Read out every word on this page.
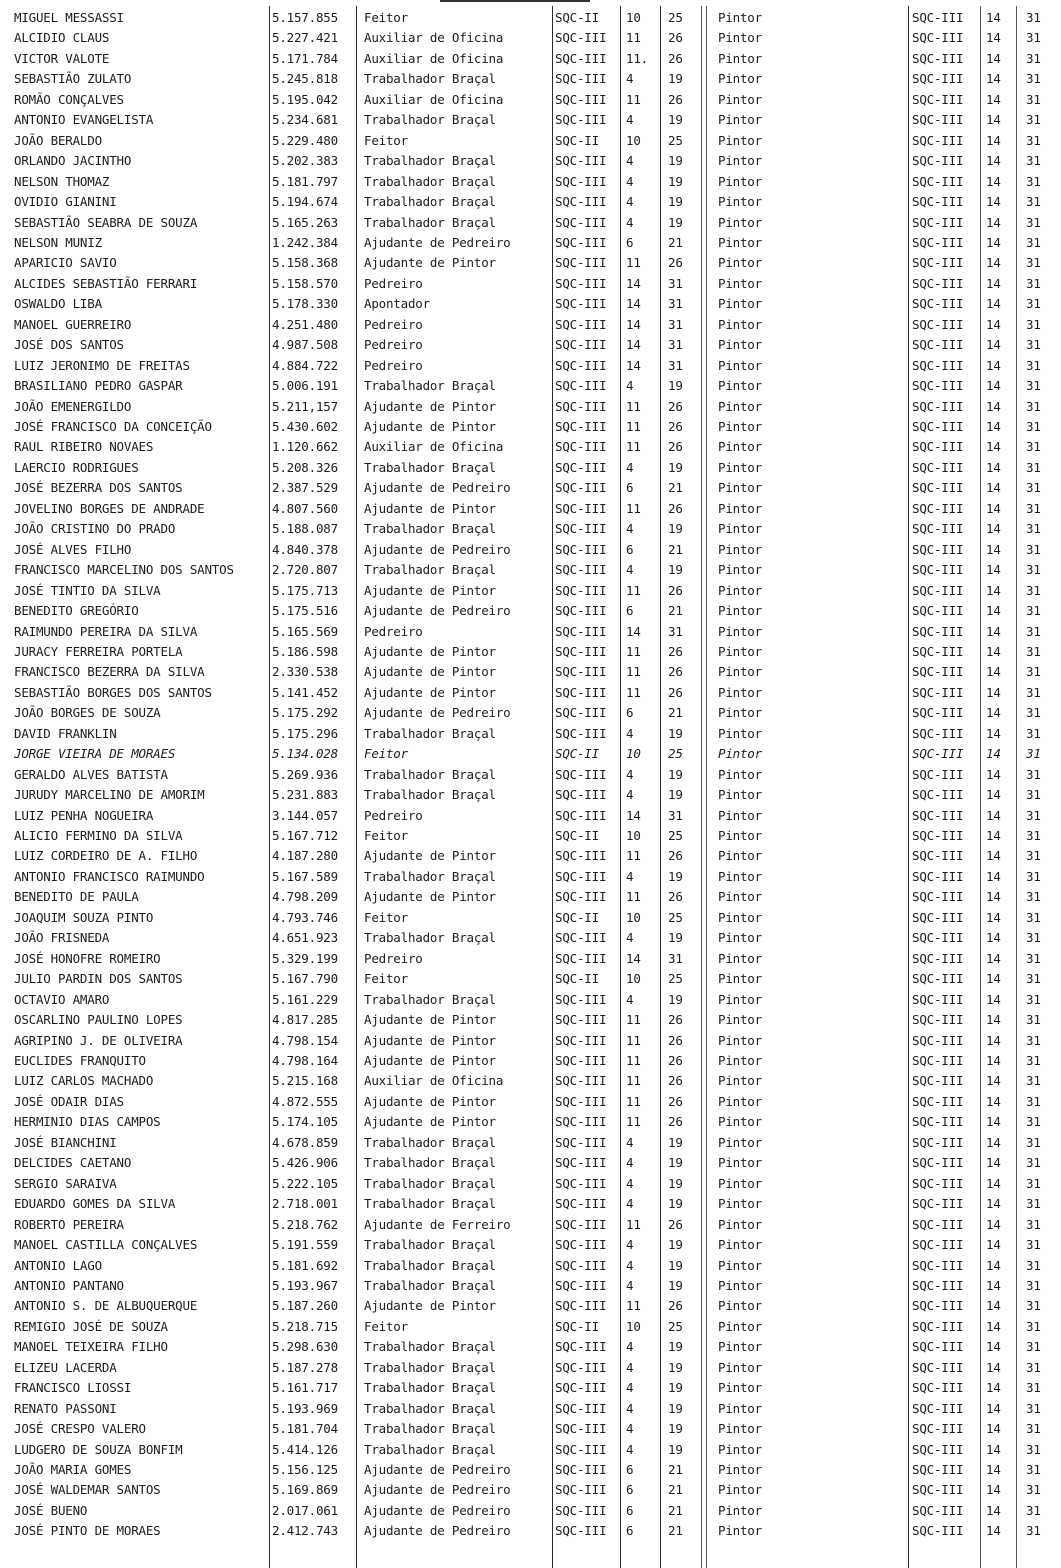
MIGUEL MESSASSI	5.157.855	Feitor	SQC-II	10	25	Pintor	SQC-III	14	31
ALCIDIO CLAUS	5.227.421	Auxiliar de Oficina	SQC-III	11	26	Pintor	SQC-III	14	31
VICTOR VALOTE	5.171.784	Auxiliar de Oficina	SQC-III	11.	26	Pintor	SQC-III	14	31
SEBASTIÃO ZULATO	5.245.818	Trabalhador Braçal	SQC-III	4	19	Pintor	SQC-III	14	31
ROMÃO CONÇALVES	5.195.042	Auxiliar de Oficina	SQC-III	11	26	Pintor	SQC-III	14	31
ANTONIO EVANGELISTA	5.234.681	Trabalhador Braçal	SQC-III	4	19	Pintor	SQC-III	14	31
JOÃO BERALDO	5.229.480	Feitor	SQC-II	10	25	Pintor	SQC-III	14	31
ORLANDO JACINTHO	5.202.383	Trabalhador Braçal	SQC-III	4	19	Pintor	SQC-III	14	31
NELSON THOMAZ	5.181.797	Trabalhador Braçal	SQC-III	4	19	Pintor	SQC-III	14	31
OVIDIO GIANINI	5.194.674	Trabalhador Braçal	SQC-III	4	19	Pintor	SQC-III	14	31
SEBASTIÃO SEABRA DE SOUZA	5.165.263	Trabalhador Braçal	SQC-III	4	19	Pintor	SQC-III	14	31
NELSON MUNIZ	1.242.384	Ajudante de Pedreiro	SQC-III	6	21	Pintor	SQC-III	14	31
APARICIO SAVIO	5.158.368	Ajudante de Pintor	SQC-III	11	26	Pintor	SQC-III	14	31
ALCIDES SEBASTIÃO FERRARI	5.158.570	Pedreiro	SQC-III	14	31	Pintor	SQC-III	14	31
OSWALDO LIBA	5.178.330	Apontador	SQC-III	14	31	Pintor	SQC-III	14	31
MANOEL GUERREIRO	4.251.480	Pedreiro	SQC-III	14	31	Pintor	SQC-III	14	31
JOSÉ DOS SANTOS	4.987.508	Pedreiro	SQC-III	14	31	Pintor	SQC-III	14	31
LUIZ JERONIMO DE FREITAS	4.884.722	Pedreiro	SQC-III	14	31	Pintor	SQC-III	14	31
BRASILIANO PEDRO GASPAR	5.006.191	Trabalhador Braçal	SQC-III	4	19	Pintor	SQC-III	14	31
JOÃO EMENERGILDO	5.211,157	Ajudante de Pintor	SQC-III	11	26	Pintor	SQC-III	14	31
JOSÉ FRANCISCO DA CONCEIÇÃO	5.430.602	Ajudante de Pintor	SQC-III	11	26	Pintor	SQC-III	14	31
RAUL RIBEIRO NOVAES	1.120.662	Auxiliar de Oficina	SQC-III	11	26	Pintor	SQC-III	14	31
LAERCIO RODRIGUES	5.208.326	Trabalhador Braçal	SQC-III	4	19	Pintor	SQC-III	14	31
JOSÉ BEZERRA DOS SANTOS	2.387.529	Ajudante de Pedreiro	SQC-III	6	21	Pintor	SQC-III	14	31
JOVELINO BORGES DE ANDRADE	4.807.560	Ajudante de Pintor	SQC-III	11	26	Pintor	SQC-III	14	31
JOÃO CRISTINO DO PRADO	5.188.087	Trabalhador Braçal	SQC-III	4	19	Pintor	SQC-III	14	31
JOSÉ ALVES FILHO	4.840.378	Ajudante de Pedreiro	SQC-III	6	21	Pintor	SQC-III	14	31
FRANCISCO MARCELINO DOS SANTOS	2.720.807	Trabalhador Braçal	SQC-III	4	19	Pintor	SQC-III	14	31
JOSÉ TINTIO DA SILVA	5.175.713	Ajudante de Pintor	SQC-III	11	26	Pintor	SQC-III	14	31
BENEDITO GREGÓRIO	5.175.516	Ajudante de Pedreiro	SQC-III	6	21	Pintor	SQC-III	14	31
RAIMUNDO PEREIRA DA SILVA	5.165.569	Pedreiro	SQC-III	14	31	Pintor	SQC-III	14	31
JURACY FERREIRA PORTELA	5.186.598	Ajudante de Pintor	SQC-III	11	26	Pintor	SQC-III	14	31
FRANCISCO BEZERRA DA SILVA	2.330.538	Ajudante de Pintor	SQC-III	11	26	Pintor	SQC-III	14	31
SEBASTIÃO BORGES DOS SANTOS	5.141.452	Ajudante de Pintor	SQC-III	11	26	Pintor	SQC-III	14	31
JOÃO BORGES DE SOUZA	5.175.292	Ajudante de Pedreiro	SQC-III	6	21	Pintor	SQC-III	14	31
DAVID FRANKLIN	5.175.296	Trabalhador Braçal	SQC-III	4	19	Pintor	SQC-III	14	31
JORGE VIEIRA DE MORAES	5.134.028	Feitor	SQC-II	10	25	Pintor	SQC-III	14	31
GERALDO ALVES BATISTA	5.269.936	Trabalhador Braçal	SQC-III	4	19	Pintor	SQC-III	14	31
JURUDY MARCELINO DE AMORIM	5.231.883	Trabalhador Braçal	SQC-III	4	19	Pintor	SQC-III	14	31
LUIZ PENHA NOGUEIRA	3.144.057	Pedreiro	SQC-III	14	31	Pintor	SQC-III	14	31
ALICIO FERMINO DA SILVA	5.167.712	Feitor	SQC-II	10	25	Pintor	SQC-III	14	31
LUIZ CORDEIRO DE A. FILHO	4.187.280	Ajudante de Pintor	SQC-III	11	26	Pintor	SQC-III	14	31
ANTONIO FRANCISCO RAIMUNDO	5.167.589	Trabalhador Braçal	SQC-III	4	19	Pintor	SQC-III	14	31
BENEDITO DE PAULA	4.798.209	Ajudante de Pintor	SQC-III	11	26	Pintor	SQC-III	14	31
JOAQUIM SOUZA PINTO	4.793.746	Feitor	SQC-II	10	25	Pintor	SQC-III	14	31
JOÃO FRISNEDA	4.651.923	Trabalhador Braçal	SQC-III	4	19	Pintor	SQC-III	14	31
JOSÉ HONOFRE ROMEIRO	5.329.199	Pedreiro	SQC-III	14	31	Pintor	SQC-III	14	31
JULIO PARDIN DOS SANTOS	5.167.790	Feitor	SQC-II	10	25	Pintor	SQC-III	14	31
OCTAVIO AMARO	5.161.229	Trabalhador Braçal	SQC-III	4	19	Pintor	SQC-III	14	31
OSCARLINO PAULINO LOPES	4.817.285	Ajudante de Pintor	SQC-III	11	26	Pintor	SQC-III	14	31
AGRIPINO J. DE OLIVEIRA	4.798.154	Ajudante de Pintor	SQC-III	11	26	Pintor	SQC-III	14	31
EUCLIDES FRANQUITO	4.798.164	Ajudante de Pintor	SQC-III	11	26	Pintor	SQC-III	14	31
LUIZ CARLOS MACHADO	5.215.168	Auxiliar de Oficina	SQC-III	11	26	Pintor	SQC-III	14	31
JOSÉ ODAIR DIAS	4.872.555	Ajudante de Pintor	SQC-III	11	26	Pintor	SQC-III	14	31
HERMINIO DIAS CAMPOS	5.174.105	Ajudante de Pintor	SQC-III	11	26	Pintor	SQC-III	14	31
JOSÉ BIANCHINI	4.678.859	Trabalhador Braçal	SQC-III	4	19	Pintor	SQC-III	14	31
DELCIDES CAETANO	5.426.906	Trabalhador Braçal	SQC-III	4	19	Pintor	SQC-III	14	31
SERGIO SARAIVA	5.222.105	Trabalhador Braçal	SQC-III	4	19	Pintor	SQC-III	14	31
EDUARDO GOMES DA SILVA	2.718.001	Trabalhador Braçal	SQC-III	4	19	Pintor	SQC-III	14	31
ROBERTO PEREIRA	5.218.762	Ajudante de Ferreiro	SQC-III	11	26	Pintor	SQC-III	14	31
MANOEL CASTILLA CONÇALVES	5.191.559	Trabalhador Braçal	SQC-III	4	19	Pintor	SQC-III	14	31
ANTONIO LAGO	5.181.692	Trabalhador Braçal	SQC-III	4	19	Pintor	SQC-III	14	31
ANTONIO PANTANO	5.193.967	Trabalhador Braçal	SQC-III	4	19	Pintor	SQC-III	14	31
ANTONIO S. DE ALBUQUERQUE	5.187.260	Ajudante de Pintor	SQC-III	11	26	Pintor	SQC-III	14	31
REMIGIO JOSÉ DE SOUZA	5.218.715	Feitor	SQC-II	10	25	Pintor	SQC-III	14	31
MANOEL TEIXEIRA FILHO	5.298.630	Trabalhador Braçal	SQC-III	4	19	Pintor	SQC-III	14	31
ELIZEU LACERDA	5.187.278	Trabalhador Braçal	SQC-III	4	19	Pintor	SQC-III	14	31
FRANCISCO LIOSSI	5.161.717	Trabalhador Braçal	SQC-III	4	19	Pintor	SQC-III	14	31
RENATO PASSONI	5.193.969	Trabalhador Braçal	SQC-III	4	19	Pintor	SQC-III	14	31
JOSÉ CRESPO VALERO	5.181.704	Trabalhador Braçal	SQC-III	4	19	Pintor	SQC-III	14	31
LUDGERO DE SOUZA BONFIM	5.414.126	Trabalhador Braçal	SQC-III	4	19	Pintor	SQC-III	14	31
JOÃO MARIA GOMES	5.156.125	Ajudante de Pedreiro	SQC-III	6	21	Pintor	SQC-III	14	31
JOSÉ WALDEMAR SANTOS	5.169.869	Ajudante de Pedreiro	SQC-III	6	21	Pintor	SQC-III	14	31
JOSÉ BUENO	2.017.061	Ajudante de Pedreiro	SQC-III	6	21	Pintor	SQC-III	14	31
JOSÉ PINTO DE MORAES	2.412.743	Ajudante de Pedreiro	SQC-III	6	21	Pintor	SQC-III	14	31
